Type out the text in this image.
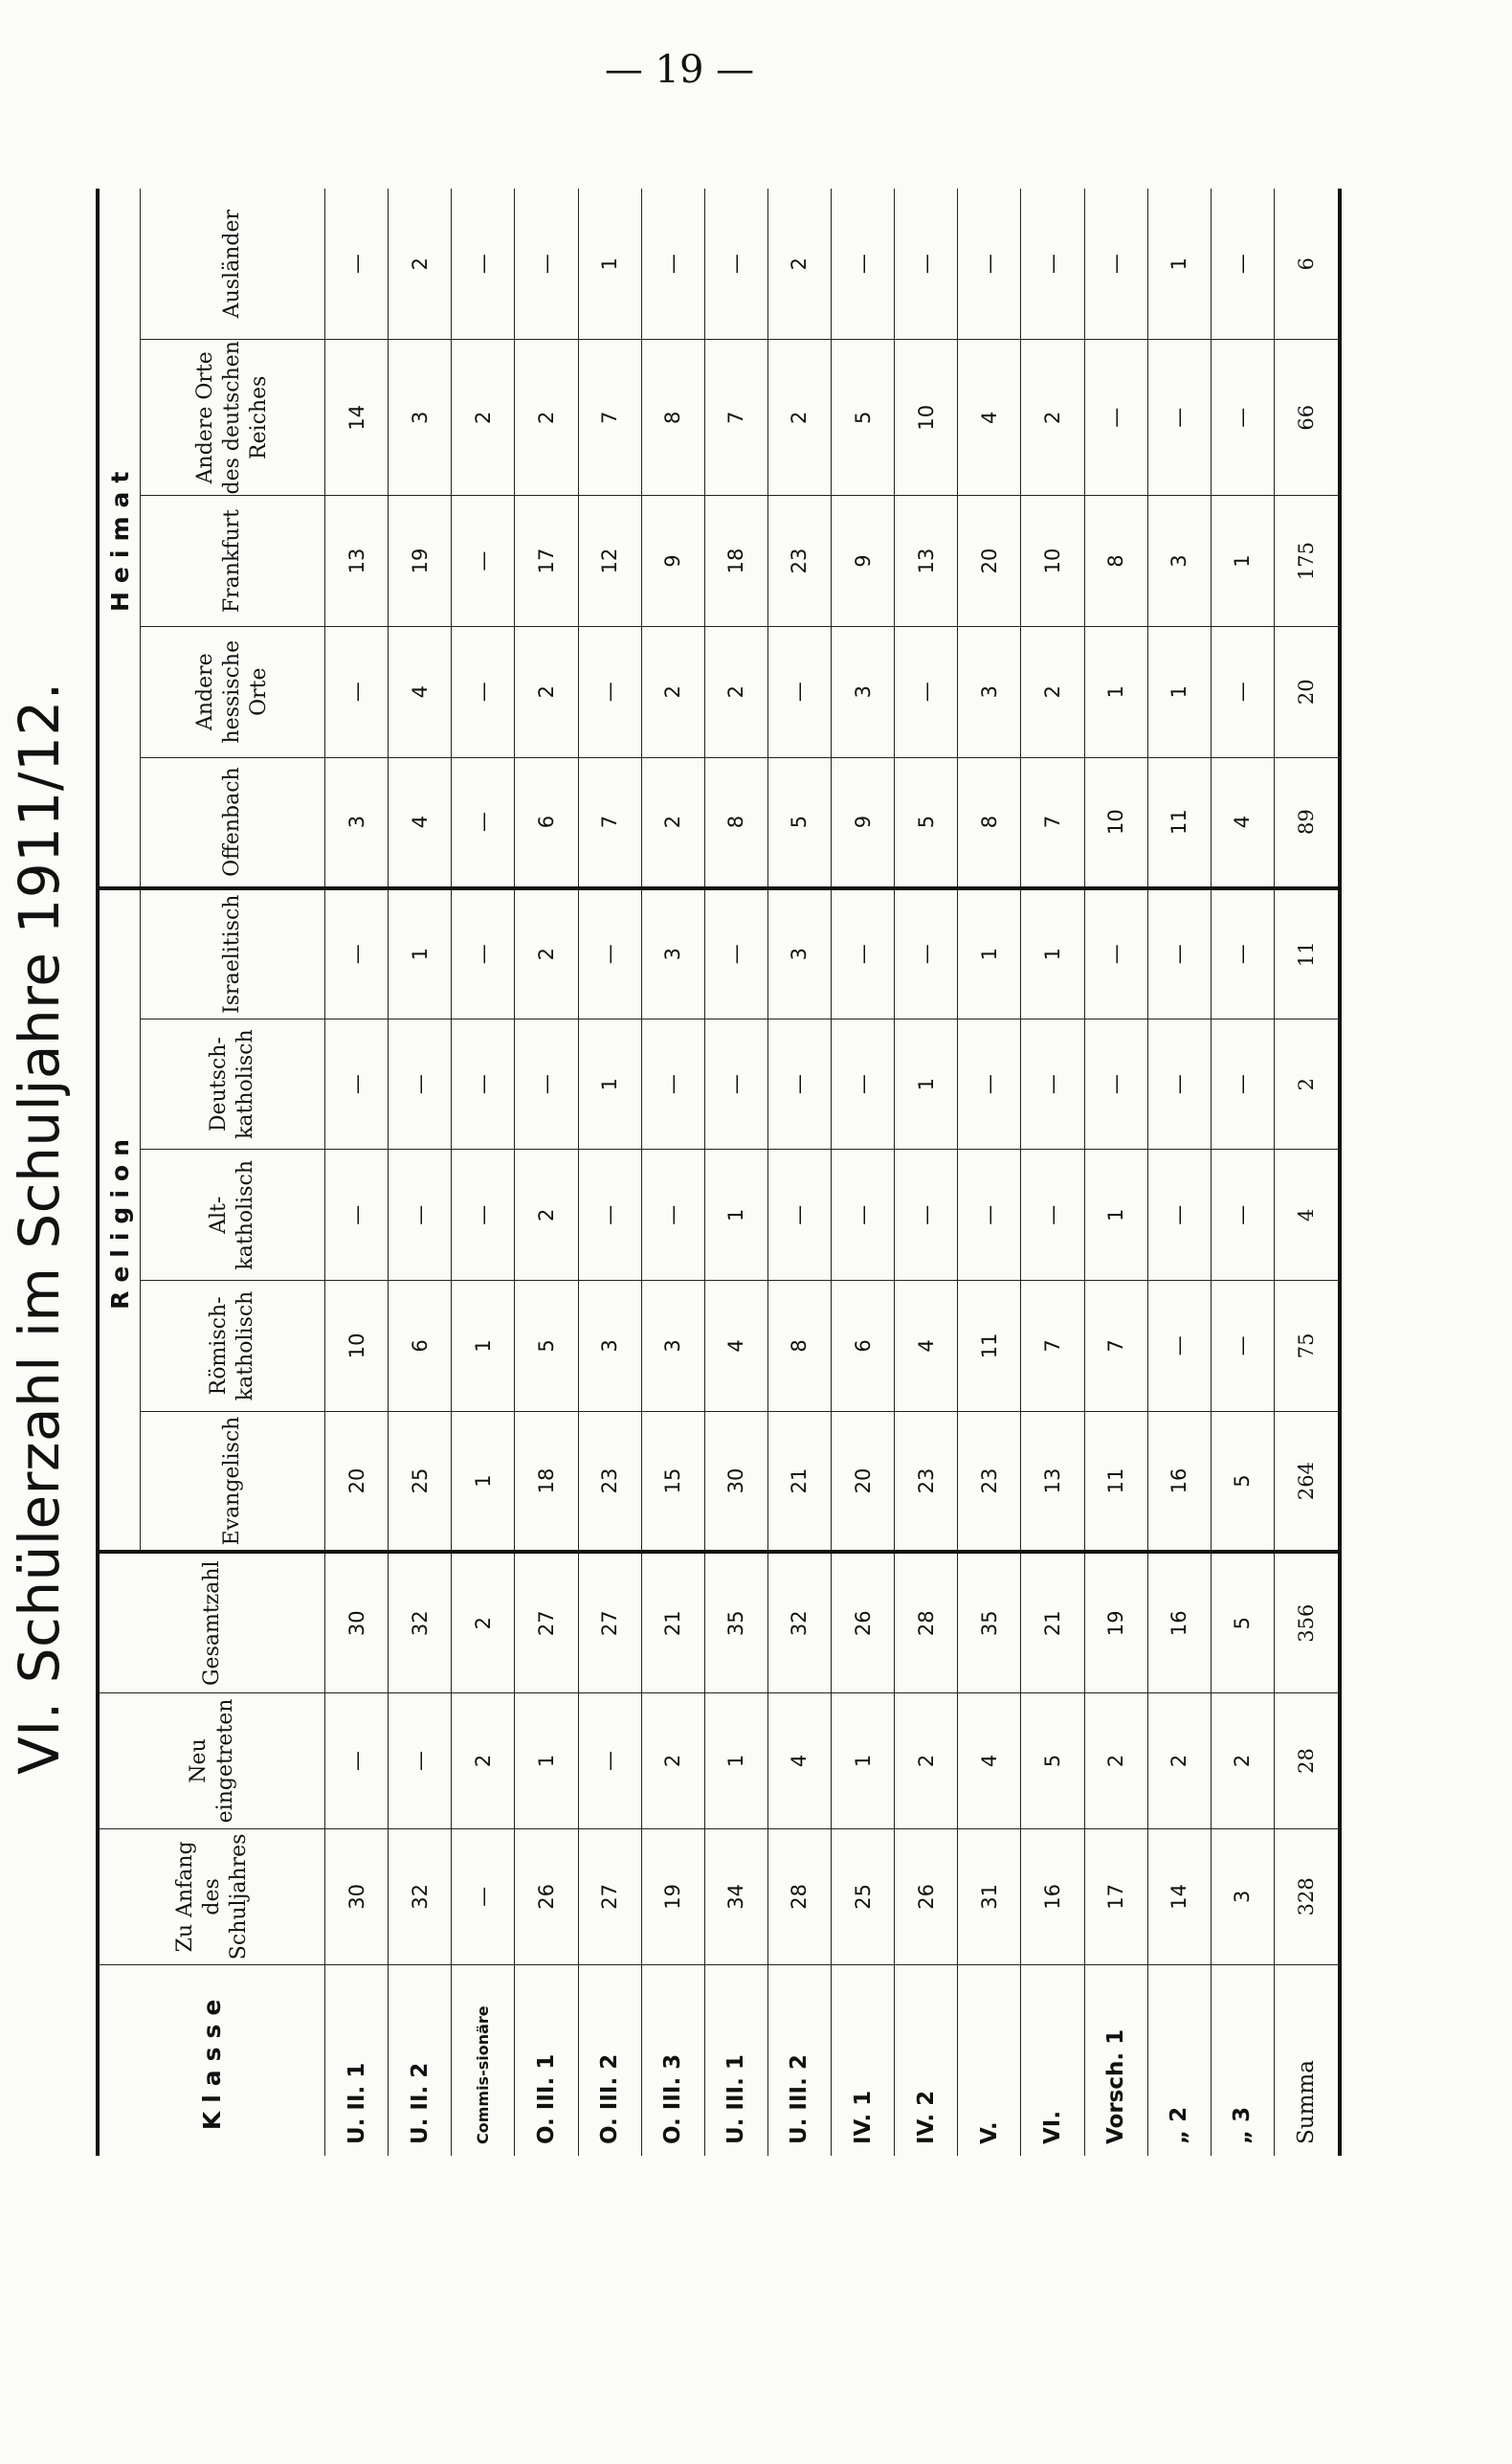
— 19 —
VI. Schülerzahl im Schuljahre 1911/12.
Klasse	Zu Anfang des Schuljahres	Neu eingetreten	Gesamtzahl	Religion					Heimat				
				Evangelisch	Römisch-katholisch	Alt-katholisch	Deutsch-katholisch	Israelitisch	Offenbach	Andere hessische Orte	Frankfurt	Andere Orte des deutschen Reiches	Ausländer
U. II. 1	30	—	30	20	10	—	—	—	3	—	13	14	—
U. II. 2	32	—	32	25	6	—	—	1	4	4	19	3	2
Commis-sionäre	—	2	2	1	1	—	—	—	—	—	—	2	—
O. III. 1	26	1	27	18	5	2	—	2	6	2	17	2	—
O. III. 2	27	—	27	23	3	—	1	—	7	—	12	7	1
O. III. 3	19	2	21	15	3	—	—	3	2	2	9	8	—
U. III. 1	34	1	35	30	4	1	—	—	8	2	18	7	—
U. III. 2	28	4	32	21	8	—	—	3	5	—	23	2	2
IV. 1	25	1	26	20	6	—	—	—	9	3	9	5	—
IV. 2	26	2	28	23	4	—	1	—	5	—	13	10	—
V.	31	4	35	23	11	—	—	1	8	3	20	4	—
VI.	16	5	21	13	7	—	—	1	7	2	10	2	—
Vorsch. 1	17	2	19	11	7	1	—	—	10	1	8	—	—
„ 2	14	2	16	16	—	—	—	—	11	1	3	—	1
„ 3	3	2	5	5	—	—	—	—	4	—	1	—	—
Summa	328	28	356	264	75	4	2	11	89	20	175	66	6
